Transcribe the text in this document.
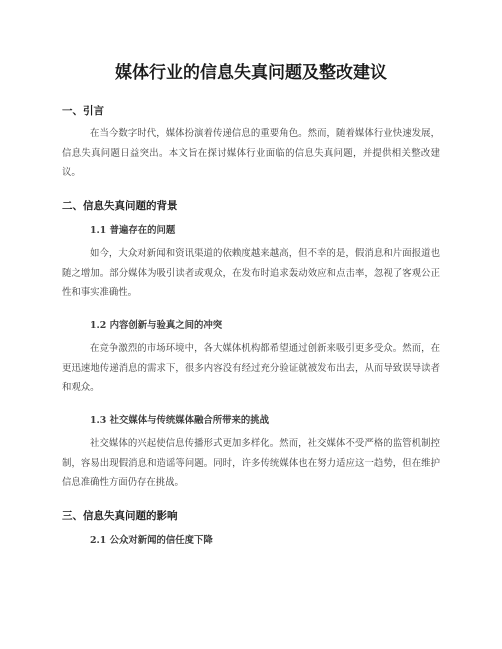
媒体行业的信息失真问题及整改建议
一、引言

在当今数字时代，媒体扮演着传递信息的重要角色。然而，随着媒体行业快速发展，信息失真问题日益突出。本文旨在探讨媒体行业面临的信息失真问题，并提供相关整改建议。

二、信息失真问题的背景
1.1 普遍存在的问题

如今，大众对新闻和资讯渠道的依赖度越来越高，但不幸的是，假消息和片面报道也随之增加。部分媒体为吸引读者或观众，在发布时追求轰动效应和点击率，忽视了客观公正性和事实准确性。

1.2 内容创新与验真之间的冲突

在竞争激烈的市场环境中，各大媒体机构都希望通过创新来吸引更多受众。然而，在更迅速地传递消息的需求下，很多内容没有经过充分验证就被发布出去，从而导致误导读者和观众。

1.3 社交媒体与传统媒体融合所带来的挑战

社交媒体的兴起使信息传播形式更加多样化。然而，社交媒体不受严格的监管机制控制，容易出现假消息和造谣等问题。同时，许多传统媒体也在努力适应这一趋势，但在维护信息准确性方面仍存在挑战。

三、信息失真问题的影响
2.1 公众对新闻的信任度下降
